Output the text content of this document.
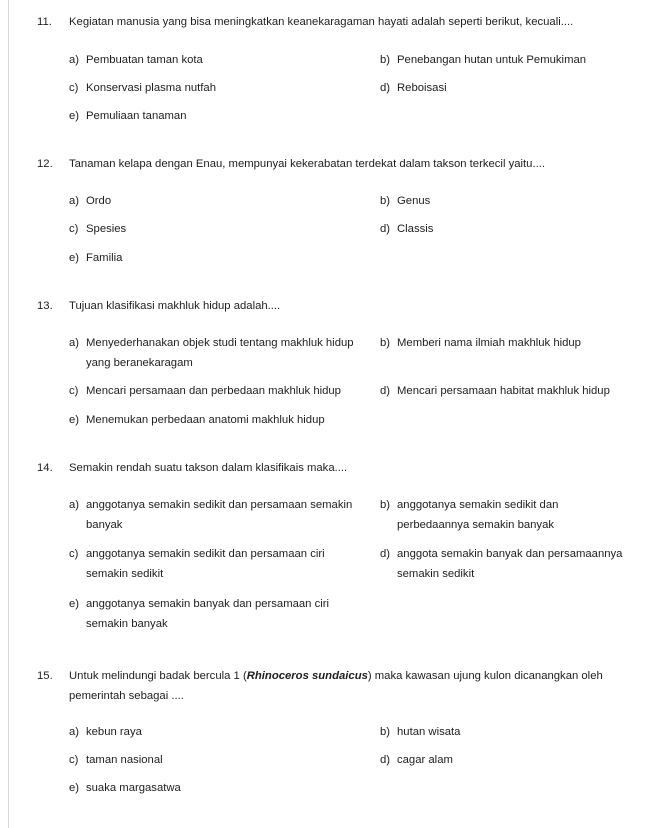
11. Kegiatan manusia yang bisa meningkatkan keanekaragaman hayati adalah seperti berikut, kecuali....
a) Pembuatan taman kota	b) Penebangan hutan untuk Pemukiman
c) Konservasi plasma nutfah	d) Reboisasi
e) Pemuliaan tanaman
12. Tanaman kelapa dengan Enau, mempunyai kekerabatan terdekat dalam takson terkecil yaitu....
a) Ordo	b) Genus
c) Spesies	d) Classis
e) Familia
13. Tujuan klasifikasi makhluk hidup adalah....
a) Menyederhanakan objek studi tentang makhluk hidup
yang beranekaragam
b) Memberi nama ilmiah makhluk hidup
c) Mencari persamaan dan perbedaan makhluk hidup	d) Mencari persamaan habitat makhluk hidup
e) Menemukan perbedaan anatomi makhluk hidup
14. Semakin rendah suatu takson dalam klasifikais maka....
a) anggotanya semakin sedikit dan persamaan semakin
banyak
b) anggotanya semakin sedikit dan
perbedaannya semakin banyak
c) anggotanya semakin sedikit dan persamaan ciri
semakin sedikit
d) anggota semakin banyak dan persamaannya
semakin sedikit
e) anggotanya semakin banyak dan persamaan ciri
semakin banyak
15. Untuk melindungi badak bercula 1 (Rhinoceros sundaicus) maka kawasan ujung kulon dicanangkan oleh
pemerintah sebagai ....
a) kebun raya	b) hutan wisata
c) taman nasional	d) cagar alam
e) suaka margasatwa
